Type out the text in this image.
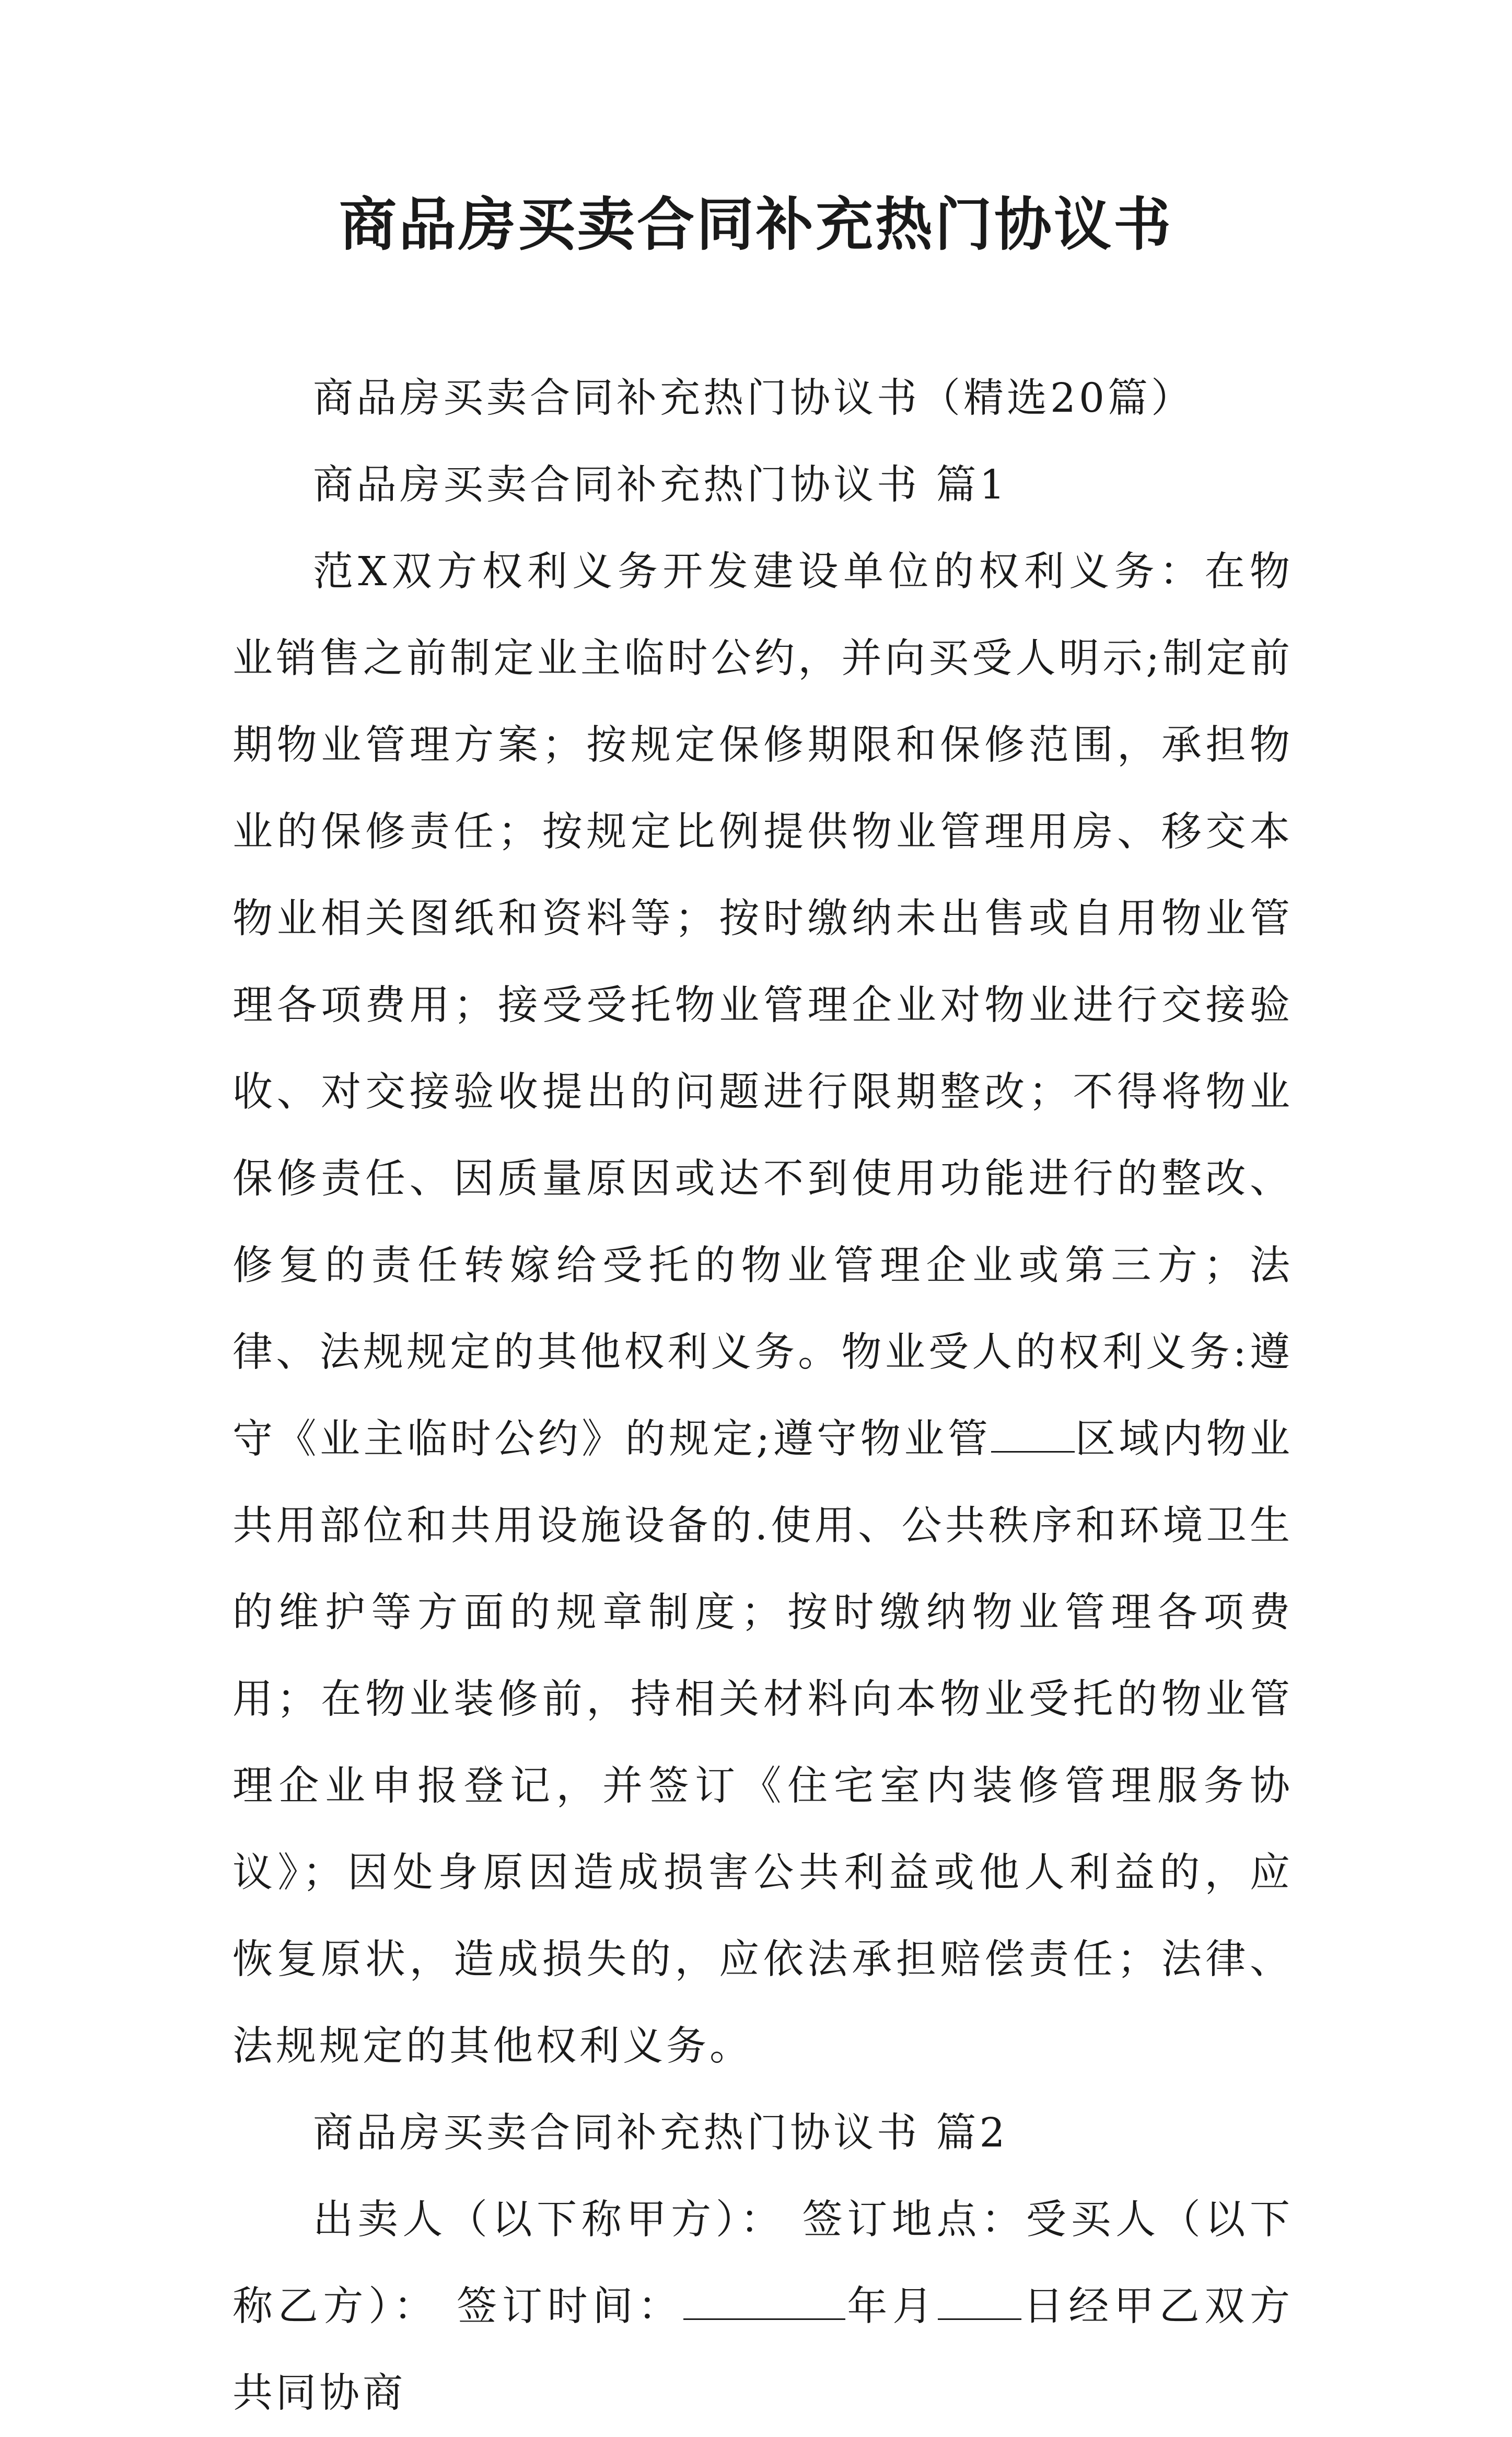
商品房买卖合同补充热门协议书

商品房买卖合同补充热门协议书（精选20篇）

商品房买卖合同补充热门协议书 篇1

范X双方权利义务开发建设单位的权利义务：在物业销售之前制定业主临时公约，并向买受人明示;制定前期物业管理方案；按规定保修期限和保修范围，承担物业的保修责任；按规定比例提供物业管理用房、移交本物业相关图纸和资料等；按时缴纳未出售或自用物业管理各项费用；接受受托物业管理企业对物业进行交接验收、对交接验收提出的问题进行限期整改；不得将物业保修责任、因质量原因或达不到使用功能进行的整改、修复的责任转嫁给受托的物业管理企业或第三方；法律、法规规定的其他权利义务。物业受人的权利义务:遵守《业主临时公约》的规定;遵守物业管 区域内物业共用部位和共用设施设备的.使用、公共秩序和环境卫生的维护等方面的规章制度；按时缴纳物业管理各项费用；在物业装修前，持相关材料向本物业受托的物业管理企业申报登记，并签订《住宅室内装修管理服务协议》；因处身原因造成损害公共利益或他人利益的，应恢复原状，造成损失的，应依法承担赔偿责任；法律、法规规定的其他权利义务。

商品房买卖合同补充热门协议书 篇2

出卖人（以下称甲方）： 签订地点：受买人（以下称乙方）： 签订时间：	年月 日经甲乙双方共同协商
